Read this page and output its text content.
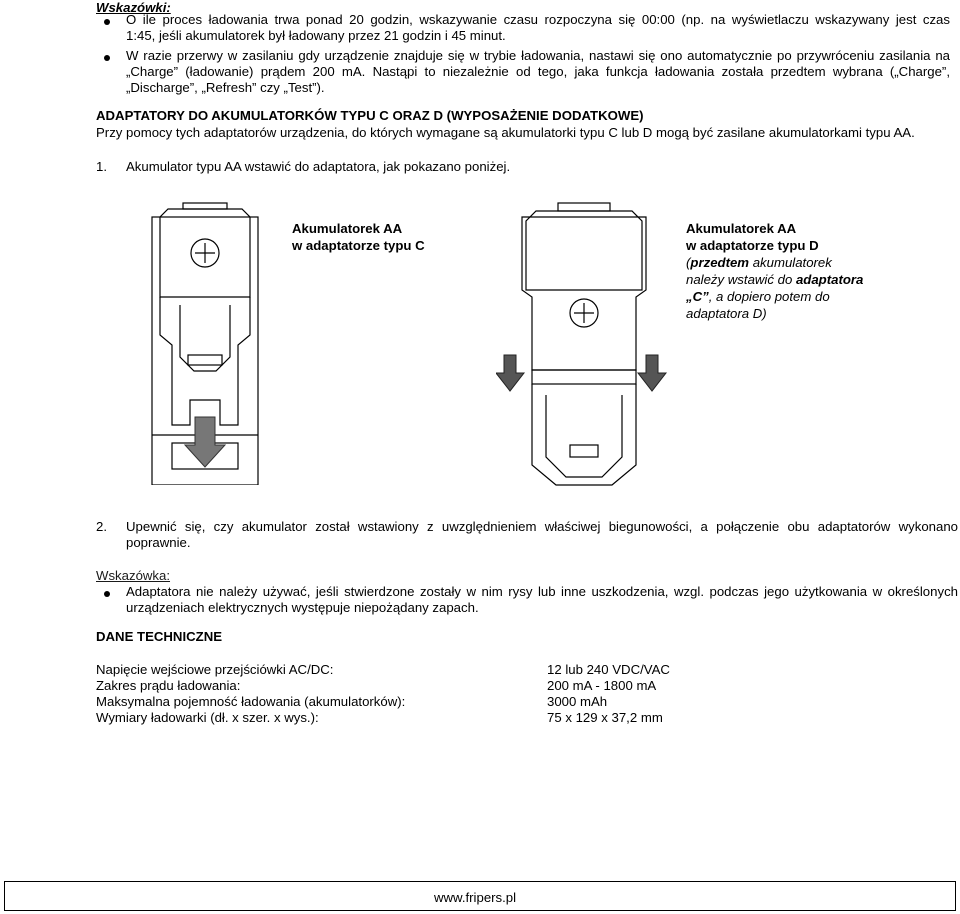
Wskazówki:
O ile proces ładowania trwa ponad 20 godzin, wskazywanie czasu rozpoczyna się 00:00 (np. na wyświetlaczu wskazywany jest czas
1:45, jeśli akumulatorek był ładowany przez 21 godzin i 45 minut.
W razie przerwy w zasilaniu gdy urządzenie znajduje się w trybie ładowania, nastawi się ono automatycznie po przywróceniu zasilania na
„Charge” (ładowanie) prądem 200 mA. Nastąpi to niezależnie od tego, jaka funkcja ładowania została przedtem wybrana („Charge”,
„Discharge”, „Refresh” czy „Test”).
ADAPTATORY DO AKUMULATORKÓW TYPU C ORAZ D (WYPOSAŻENIE DODATKOWE)
Przy pomocy tych adaptatorów urządzenia, do których wymagane są akumulatorki typu C lub D mogą być zasilane akumulatorkami typu AA.
1. Akumulator typu AA wstawić do adaptatora, jak pokazano poniżej.
Akumulatorek AA
w adaptatorze typu C
Akumulatorek AA
w adaptatorze typu D
(przedtem akumulatorek
należy wstawić do adaptatora
„C”, a dopiero potem do
adaptatora D)
2. Upewnić się, czy akumulator został wstawiony z uwzględnieniem właściwej biegunowości, a połączenie obu adaptatorów wykonano
poprawnie.
Wskazówka:
Adaptatora nie należy używać, jeśli stwierdzone zostały w nim rysy lub inne uszkodzenia, wzgl. podczas jego użytkowania w określonych
urządzeniach elektrycznych występuje niepożądany zapach.
DANE TECHNICZNE
Napięcie wejściowe przejściówki AC/DC:	12 lub 240 VDC/VAC
Zakres prądu ładowania:	200 mA - 1800 mA
Maksymalna pojemność ładowania (akumulatorków):	3000 mAh
Wymiary ładowarki (dł. x szer. x wys.):	75 x 129 x 37,2 mm
www.fripers.pl
